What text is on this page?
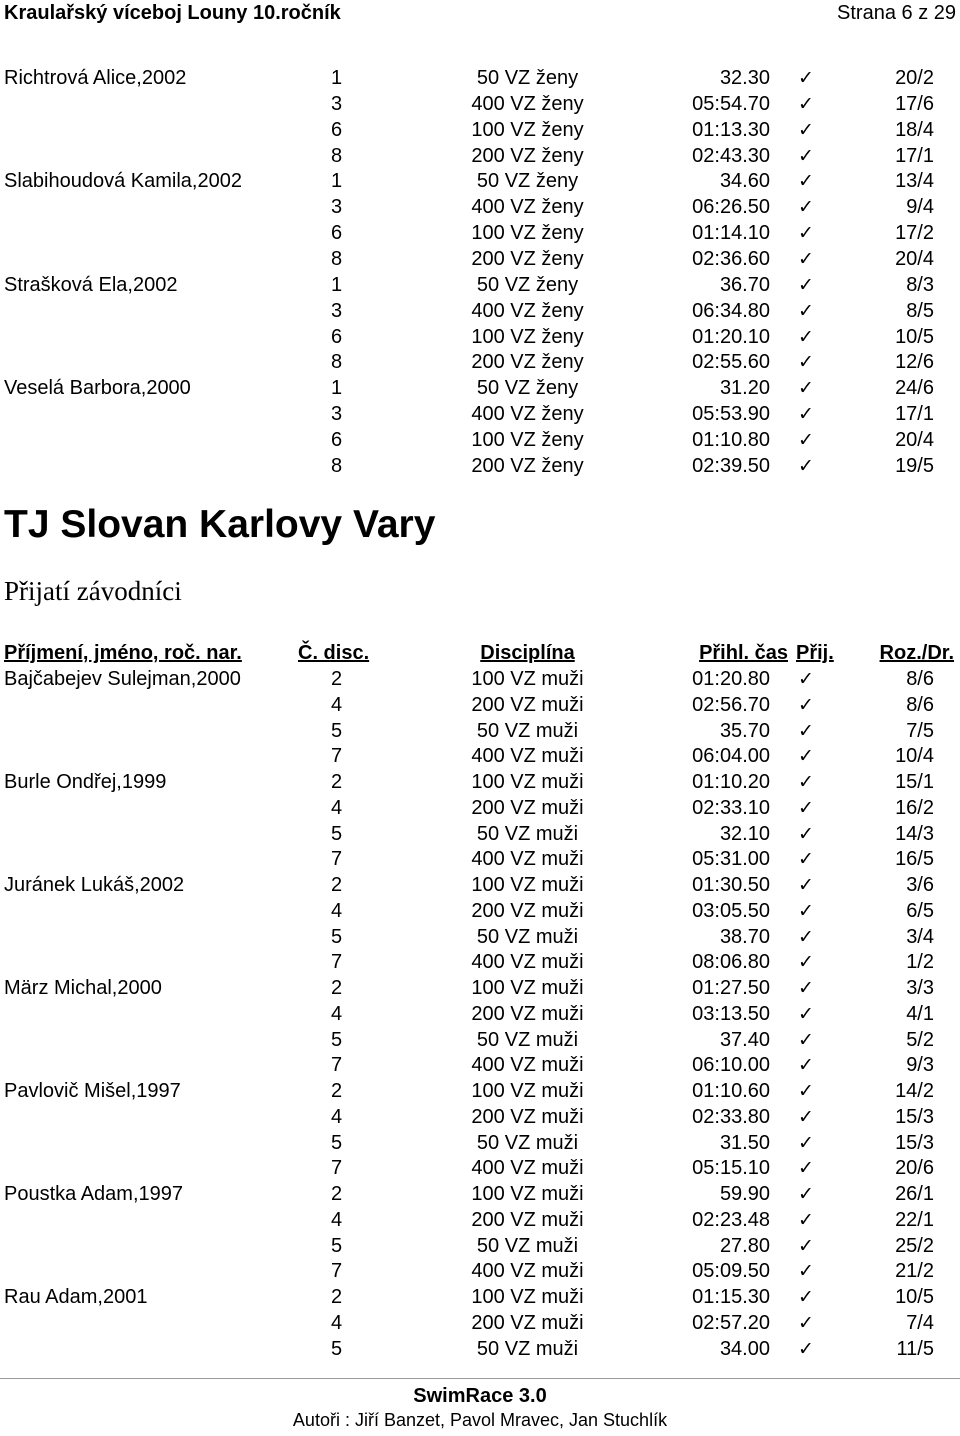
Kraulařský víceboj Louny 10.ročník	Strana 6 z 29
Richtrová Alice,2002	1	50 VZ ženy	32.30 ✓	20/2
3	400 VZ ženy	05:54.70 ✓	17/6
6	100 VZ ženy	01:13.30 ✓	18/4
8	200 VZ ženy	02:43.30 ✓	17/1
Slabihoudová Kamila,2002	1	50 VZ ženy	34.60 ✓	13/4
3	400 VZ ženy	06:26.50 ✓	9/4
6	100 VZ ženy	01:14.10 ✓	17/2
8	200 VZ ženy	02:36.60 ✓	20/4
Strašková Ela,2002	1	50 VZ ženy	36.70 ✓	8/3
3	400 VZ ženy	06:34.80 ✓	8/5
6	100 VZ ženy	01:20.10 ✓	10/5
8	200 VZ ženy	02:55.60 ✓	12/6
Veselá Barbora,2000	1	50 VZ ženy	31.20 ✓	24/6
3	400 VZ ženy	05:53.90 ✓	17/1
6	100 VZ ženy	01:10.80 ✓	20/4
8	200 VZ ženy	02:39.50 ✓	19/5
TJ Slovan Karlovy Vary
Přijatí závodníci
Příjmení, jméno, roč. nar.	Č. disc.	Disciplína	Přihl. čas Přij. Roz./Dr.
Bajčabejev Sulejman,2000	2	100 VZ muži	01:20.80 ✓	8/6
4	200 VZ muži	02:56.70 ✓	8/6
5	50 VZ muži	35.70 ✓	7/5
7	400 VZ muži	06:04.00 ✓	10/4
Burle Ondřej,1999	2	100 VZ muži	01:10.20 ✓	15/1
4	200 VZ muži	02:33.10 ✓	16/2
5	50 VZ muži	32.10 ✓	14/3
7	400 VZ muži	05:31.00 ✓	16/5
Juránek Lukáš,2002	2	100 VZ muži	01:30.50 ✓	3/6
4	200 VZ muži	03:05.50 ✓	6/5
5	50 VZ muži	38.70 ✓	3/4
7	400 VZ muži	08:06.80 ✓	1/2
März Michal,2000	2	100 VZ muži	01:27.50 ✓	3/3
4	200 VZ muži	03:13.50 ✓	4/1
5	50 VZ muži	37.40 ✓	5/2
7	400 VZ muži	06:10.00 ✓	9/3
Pavlovič Mišel,1997	2	100 VZ muži	01:10.60 ✓	14/2
4	200 VZ muži	02:33.80 ✓	15/3
5	50 VZ muži	31.50 ✓	15/3
7	400 VZ muži	05:15.10 ✓	20/6
Poustka Adam,1997	2	100 VZ muži	59.90 ✓	26/1
4	200 VZ muži	02:23.48 ✓	22/1
5	50 VZ muži	27.80 ✓	25/2
7	400 VZ muži	05:09.50 ✓	21/2
Rau Adam,2001	2	100 VZ muži	01:15.30 ✓	10/5
4	200 VZ muži	02:57.20 ✓	7/4
5	50 VZ muži	34.00 ✓	11/5
SwimRace 3.0
Autoři : Jiří Banzet, Pavol Mravec, Jan Stuchlík
